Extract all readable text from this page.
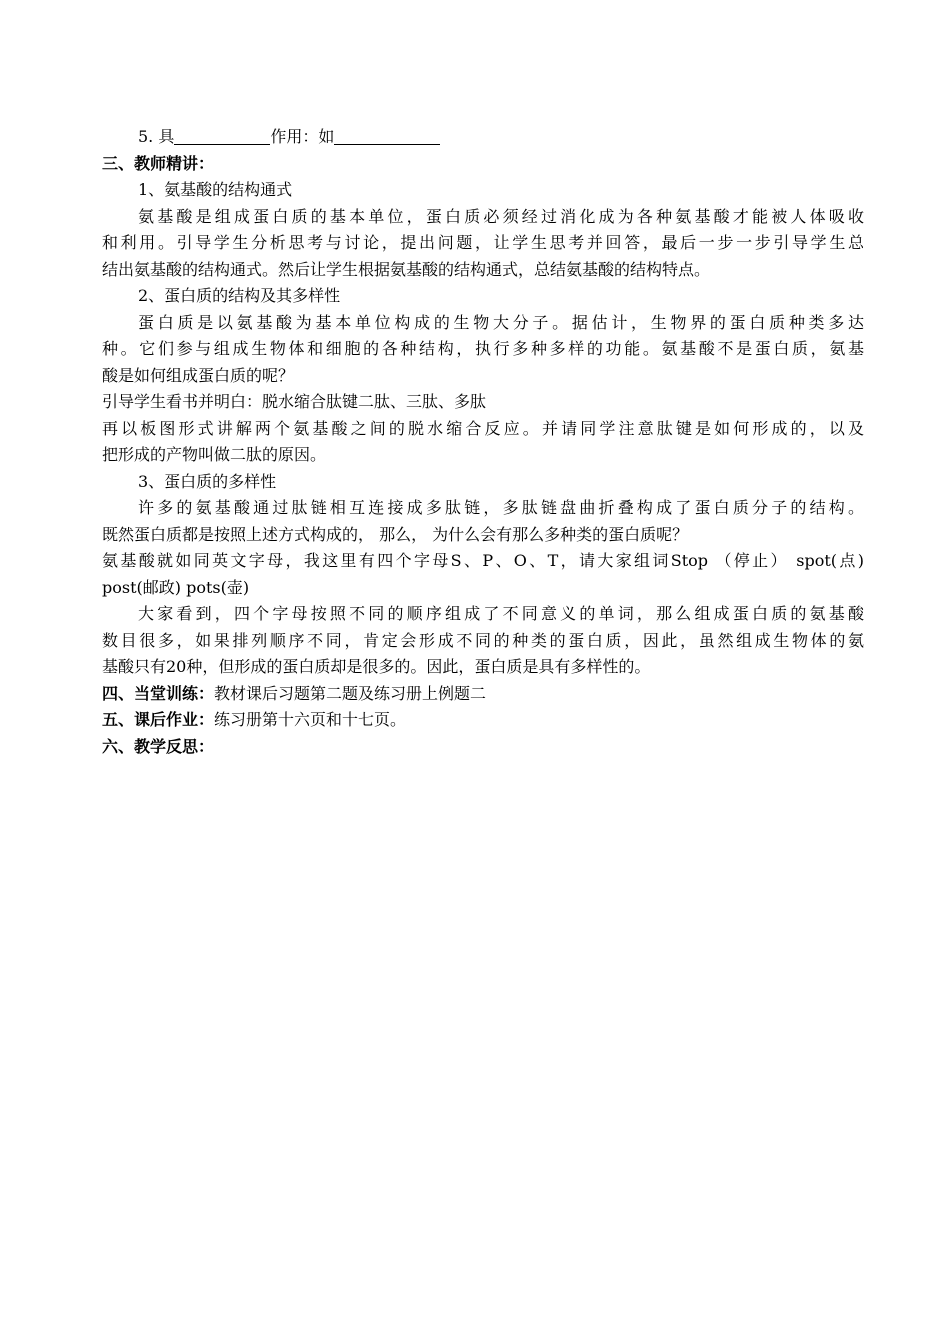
5. 具	作用：如
三、教师精讲：
1、氨基酸的结构通式
氨基酸是组成蛋白质的基本单位，蛋白质必须经过消化成为各种氨基酸才能被人体吸收
和利用。引导学生分析思考与讨论，提出问题，让学生思考并回答，最后一步一步引导学生总
结出氨基酸的结构通式。然后让学生根据氨基酸的结构通式，总结氨基酸的结构特点。
2、蛋白质的结构及其多样性
蛋白质是以氨基酸为基本单位构成的生物大分子。据估计，生物界的蛋白质种类多达
种。它们参与组成生物体和细胞的各种结构，执行多种多样的功能。氨基酸不是蛋白质，氨基
酸是如何组成蛋白质的呢？
引导学生看书并明白：脱水缩合肽键二肽、三肽、多肽
再以板图形式讲解两个氨基酸之间的脱水缩合反应。并请同学注意肽键是如何形成的，以及
把形成的产物叫做二肽的原因。
3、蛋白质的多样性
许多的氨基酸通过肽链相互连接成多肽链，多肽链盘曲折叠构成了蛋白质分子的结构。
既然蛋白质都是按照上述方式构成的， 那么， 为什么会有那么多种类的蛋白质呢？
氨基酸就如同英文字母，我这里有四个字母S、P、O、T，请大家组词Stop （停止） spot(点)
post(邮政) pots(壶)
大家看到，四个字母按照不同的顺序组成了不同意义的单词，那么组成蛋白质的氨基酸
数目很多，如果排列顺序不同，肯定会形成不同的种类的蛋白质，因此，虽然组成生物体的氨
基酸只有20种，但形成的蛋白质却是很多的。因此，蛋白质是具有多样性的。
四、当堂训练：教材课后习题第二题及练习册上例题二
五、课后作业：练习册第十六页和十七页。
六、教学反思：
